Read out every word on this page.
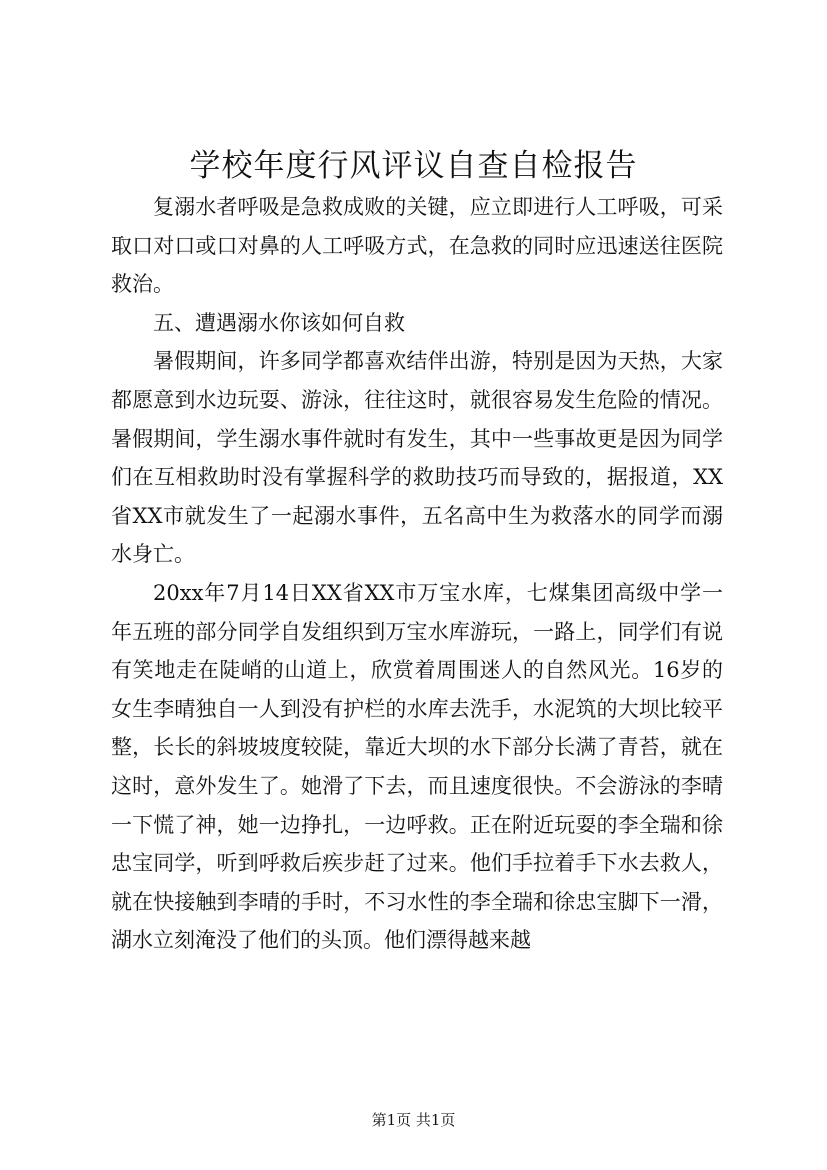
学校年度行风评议自查自检报告

复溺水者呼吸是急救成败的关键，应立即进行人工呼吸，可采取口对口或口对鼻的人工呼吸方式，在急救的同时应迅速送往医院救治。

五、遭遇溺水你该如何自救

暑假期间，许多同学都喜欢结伴出游，特别是因为天热，大家都愿意到水边玩耍、游泳，往往这时，就很容易发生危险的情况。暑假期间，学生溺水事件就时有发生，其中一些事故更是因为同学们在互相救助时没有掌握科学的救助技巧而导致的，据报道，XX省XX市就发生了一起溺水事件，五名高中生为救落水的同学而溺水身亡。

20xx年7月14日XX省XX市万宝水库，七煤集团高级中学一年五班的部分同学自发组织到万宝水库游玩，一路上，同学们有说有笑地走在陡峭的山道上，欣赏着周围迷人的自然风光。16岁的女生李晴独自一人到没有护栏的水库去洗手，水泥筑的大坝比较平整，长长的斜坡坡度较陡，靠近大坝的水下部分长满了青苔，就在这时，意外发生了。她滑了下去，而且速度很快。不会游泳的李晴一下慌了神，她一边挣扎，一边呼救。正在附近玩耍的李全瑞和徐忠宝同学，听到呼救后疾步赶了过来。他们手拉着手下水去救人，就在快接触到李晴的手时，不习水性的李全瑞和徐忠宝脚下一滑，湖水立刻淹没了他们的头顶。他们漂得越来越

第1页 共1页
